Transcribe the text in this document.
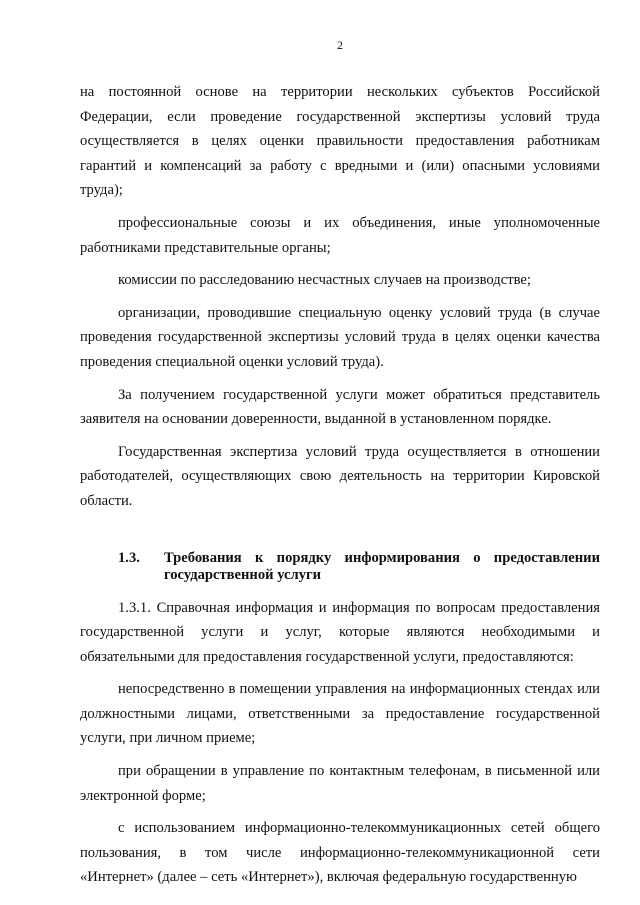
2

на постоянной основе на территории нескольких субъектов Российской Федерации, если проведение государственной экспертизы условий труда осуществляется в целях оценки правильности предоставления работникам гарантий и компенсаций за работу с вредными и (или) опасными условиями труда);

профессиональные союзы и их объединения, иные уполномоченные работниками представительные органы;

комиссии по расследованию несчастных случаев на производстве;

организации, проводившие специальную оценку условий труда (в случае проведения государственной экспертизы условий труда в целях оценки качества проведения специальной оценки условий труда).

За получением государственной услуги может обратиться представитель заявителя на основании доверенности, выданной в установленном порядке.

Государственная экспертиза условий труда осуществляется в отношении работодателей, осуществляющих свою деятельность на территории Кировской области.

1.3.	Требования к порядку информирования о предоставлении государственной услуги

1.3.1. Справочная информация и информация по вопросам предоставления государственной услуги и услуг, которые являются необходимыми и обязательными для предоставления государственной услуги, предоставляются:

непосредственно в помещении управления на информационных стендах или должностными лицами, ответственными за предоставление государственной услуги, при личном приеме;

при обращении в управление по контактным телефонам, в письменной или электронной форме;

с использованием информационно-телекоммуникационных сетей общего пользования, в том числе информационно-телекоммуникационной сети «Интернет» (далее – сеть «Интернет»), включая федеральную государственную
